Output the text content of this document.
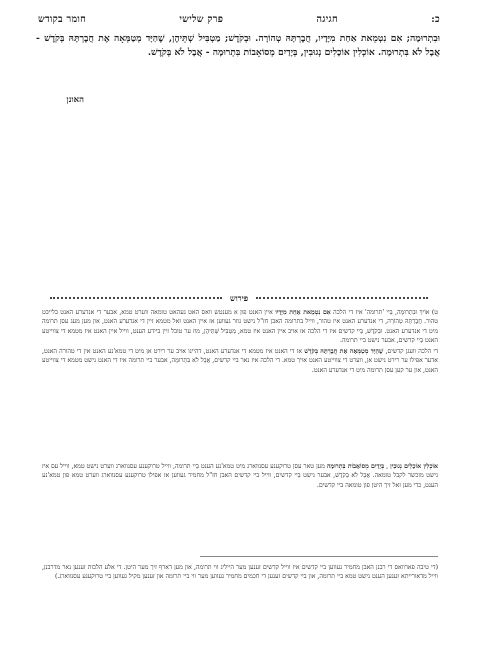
כ:
חגיגה
פרק שלישי
חומר בקודש
וּבִתְרוּמָה; אִם נִטְמֵאת אַחַת מִיָּדָיו, חֲבֶרְתָּהּ טְהוֹרָה. וּבְקֹדֶשׁ; מַטְבִּיל שְׁתֵּיהֶן, שֶׁהַיָּד מְטַמְּאָה אֶת חֲבֶרְתָּהּ בְּקֹדֶשׁ - אֲבָל לֹא בִּתְרוּמָה. אוֹכְלִין אוֹכָלִים נְגוּבִין, בְּיָדַיִם מְסוֹאָבוֹת בִּתְרוּמָה - אֲבָל לֹא בְּקֹדֶשׁ.
האונן
פירוש

ט) אוֹיךְ וּבִתְרוּמָה, בַּיי 'תרומה' איז די הלכה אִם נִטְמֵאת אַחַת מִיָּדָיו איין האנט פון א מענטש וואס האט געהאט טומאה ווערט טמא, אבער די אנדערע האנט בלייבט טהור. חֲבֶרְתָּהּ טְהוֹרָה, די אנדערע האנט איז טהור, ווייל בתרומה האבן חז"ל נישט גוזר געווען אז איין האנט זאל מטמא זיין די אנדערע האנט, און מען מעג עסן תרומה מיט די אנדערע האנט. וּבְקֹדֶשׁ, בַּיי קדשים איז די הלכה אז אויב איין האנט איז טמא, מַטְבִּיל שְׁתֵּיהֶן, מוז ער טובל זיין ביידע הענט, ווייל איין האנט איז מטמא די צווייטע האנט בַּיי קדשים, אבער נישט ביי תרומה.

די הלכה וועגן קדשים, שֶׁהַיָּד מְטַמְּאָה אֶת חֲבֶרְתָּהּ בְּקֹדֶשׁ אז די האנט איז מטמא די אנדערע האנט, דהיינו אויב ער רירט אן מיט די טמא'נע האנט אין די טהורה האנט, אדער אפילו ער רירט נישט אן, ווערט די צווייטע האנט אויך טמא. די הלכה איז נאר ביי קדשים, אֲבָל לֹא בִּתְרוּמָה, אבער ביי תרומה איז די האנט נישט מטמא די צווייטע האנט, און ער קען עסן תרומה מיט די אנדערע האנט.

אוֹכְלִין אוֹכָלִים נְגוּבִין , בְּיָדַיִם מְסוֹאָבוֹת בִּתְרוּמָה מען טאר עסן טרוקענע עסנווארג מיט טמא'נע הענט בַּיי תרומה, ווייל טרוקענע עסנווארג ווערט נישט טמא, ווייל עס איז נישט מוכשר לקבל טומאה. אֲבָל לֹא בְּקֹדֶשׁ, אבער נישט בַּיי קדשים, ווייל ביי קדשים האבן חז"ל מחמיר געווען אז אפילו טרוקענע עסנווארג ווערט טמא פון טמא'נע הענט, כדי מען זאל זיך היטן פון טומאה ביי קדשים.

(די טיבה פארוואס די רבנן האבן מחמיר געווען ביי קדשים איז ווייל קדשים זענען מער הייליג ווי תרומה, און מען דארף זיך מער היטן. די אלע הלכות זענען נאר מדרבנן, ווייל מדאורייתא זענען הענט נישט טמא ביי תרומה, און ביי קדשים זענען די חכמים מחמיר געווען מער ווי ביי תרומה און זענען מקיל געווען ביי טרוקענע עסנווארג.)
